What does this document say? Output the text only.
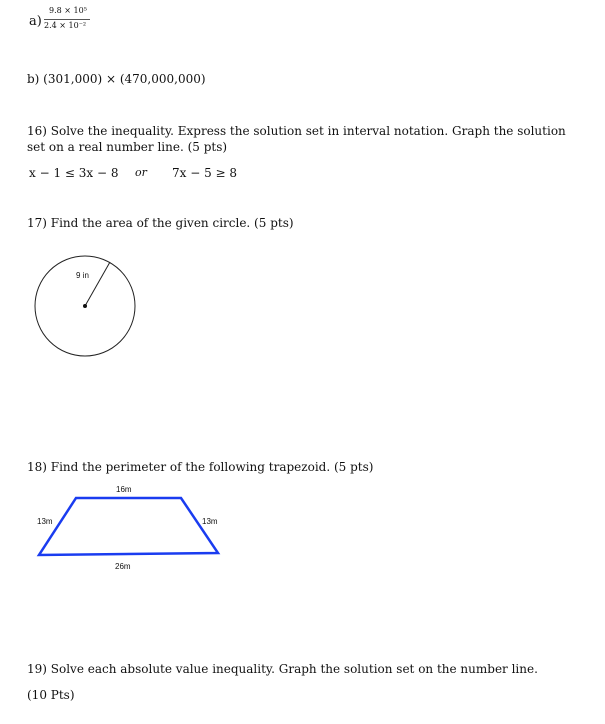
a)
9.8 × 10⁵
2.4 × 10⁻²
b) (301,000) × (470,000,000)
16) Solve the inequality. Express the solution set in interval notation. Graph the solution
set on a real number line. (5 pts)
x − 1 ≤ 3x − 8 or 7x − 5 ≥ 8
17) Find the area of the given circle. (5 pts)
9 in
18) Find the perimeter of the following trapezoid. (5 pts)
16m
13m	13m
26m
19) Solve each absolute value inequality. Graph the solution set on the number line.
(10 Pts)
